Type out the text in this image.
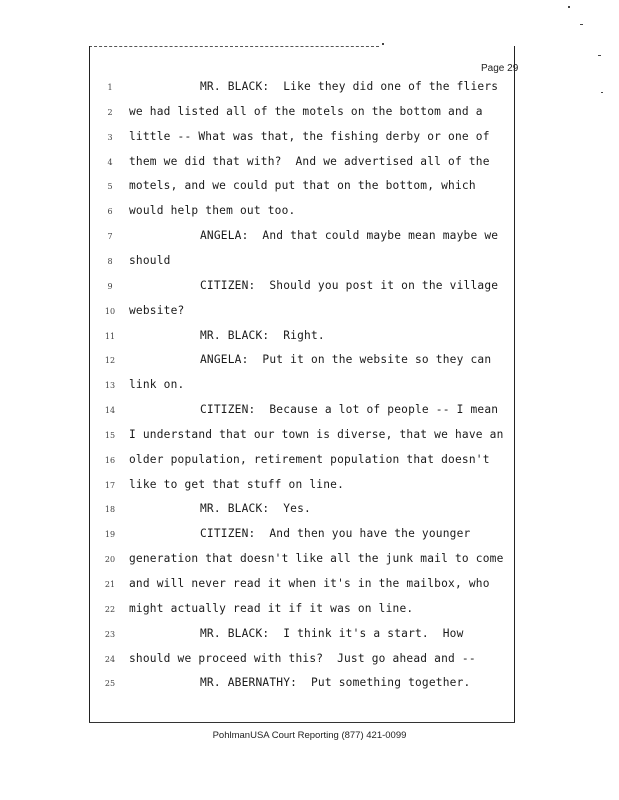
Page 29
1	MR. BLACK:  Like they did one of the fliers
2	we had listed all of the motels on the bottom and a
3	little -- What was that, the fishing derby or one of
4	them we did that with?  And we advertised all of the
5	motels, and we could put that on the bottom, which
6	would help them out too.
7	ANGELA:  And that could maybe mean maybe we
8	should
9	CITIZEN:  Should you post it on the village
10	website?
11	MR. BLACK:  Right.
12	ANGELA:  Put it on the website so they can
13	link on.
14	CITIZEN:  Because a lot of people -- I mean
15	I understand that our town is diverse, that we have an
16	older population, retirement population that doesn't
17	like to get that stuff on line.
18	MR. BLACK:  Yes.
19	CITIZEN:  And then you have the younger
20	generation that doesn't like all the junk mail to come
21	and will never read it when it's in the mailbox, who
22	might actually read it if it was on line.
23	MR. BLACK:  I think it's a start.  How
24	should we proceed with this?  Just go ahead and --
25	MR. ABERNATHY:  Put something together.
PohlmanUSA Court Reporting (877) 421-0099
